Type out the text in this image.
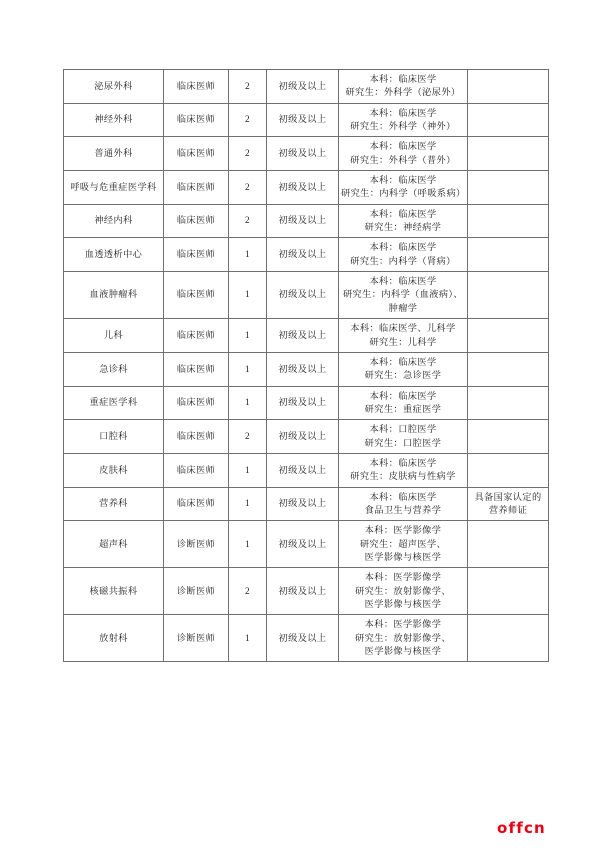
泌尿外科	临床医师	2	初级及以上	本科：临床医学
研究生：外科学（泌尿外）	

神经外科	临床医师	2	初级及以上	本科：临床医学
研究生：外科学（神外）	

普通外科	临床医师	2	初级及以上	本科：临床医学
研究生：外科学（普外）	

呼吸与危重症医学科	临床医师	2	初级及以上	本科：临床医学
研究生：内科学（呼吸系病）	

神经内科	临床医师	2	初级及以上	本科：临床医学
研究生：神经病学	

血透透析中心	临床医师	1	初级及以上	本科：临床医学
研究生：内科学（肾病）	

血液肿瘤科	临床医师	1	初级及以上	本科：临床医学
研究生：内科学（血液病）、
肿瘤学	

儿科	临床医师	1	初级及以上	本科：临床医学、儿科学
研究生：儿科学	

急诊科	临床医师	1	初级及以上	本科：临床医学
研究生：急诊医学	

重症医学科	临床医师	1	初级及以上	本科：临床医学
研究生：重症医学	

口腔科	临床医师	2	初级及以上	本科：口腔医学
研究生：口腔医学	

皮肤科	临床医师	1	初级及以上	本科：临床医学
研究生：皮肤病与性病学	

营养科	临床医师	1	初级及以上	本科：临床医学
食品卫生与营养学	具备国家认定的
营养师证

超声科	诊断医师	1	初级及以上	本科：医学影像学
研究生：超声医学、
医学影像与核医学	

核磁共振科	诊断医师	2	初级及以上	本科：医学影像学
研究生：放射影像学、
医学影像与核医学	

放射科	诊断医师	1	初级及以上	本科：医学影像学
研究生：放射影像学、
医学影像与核医学	

offcn
